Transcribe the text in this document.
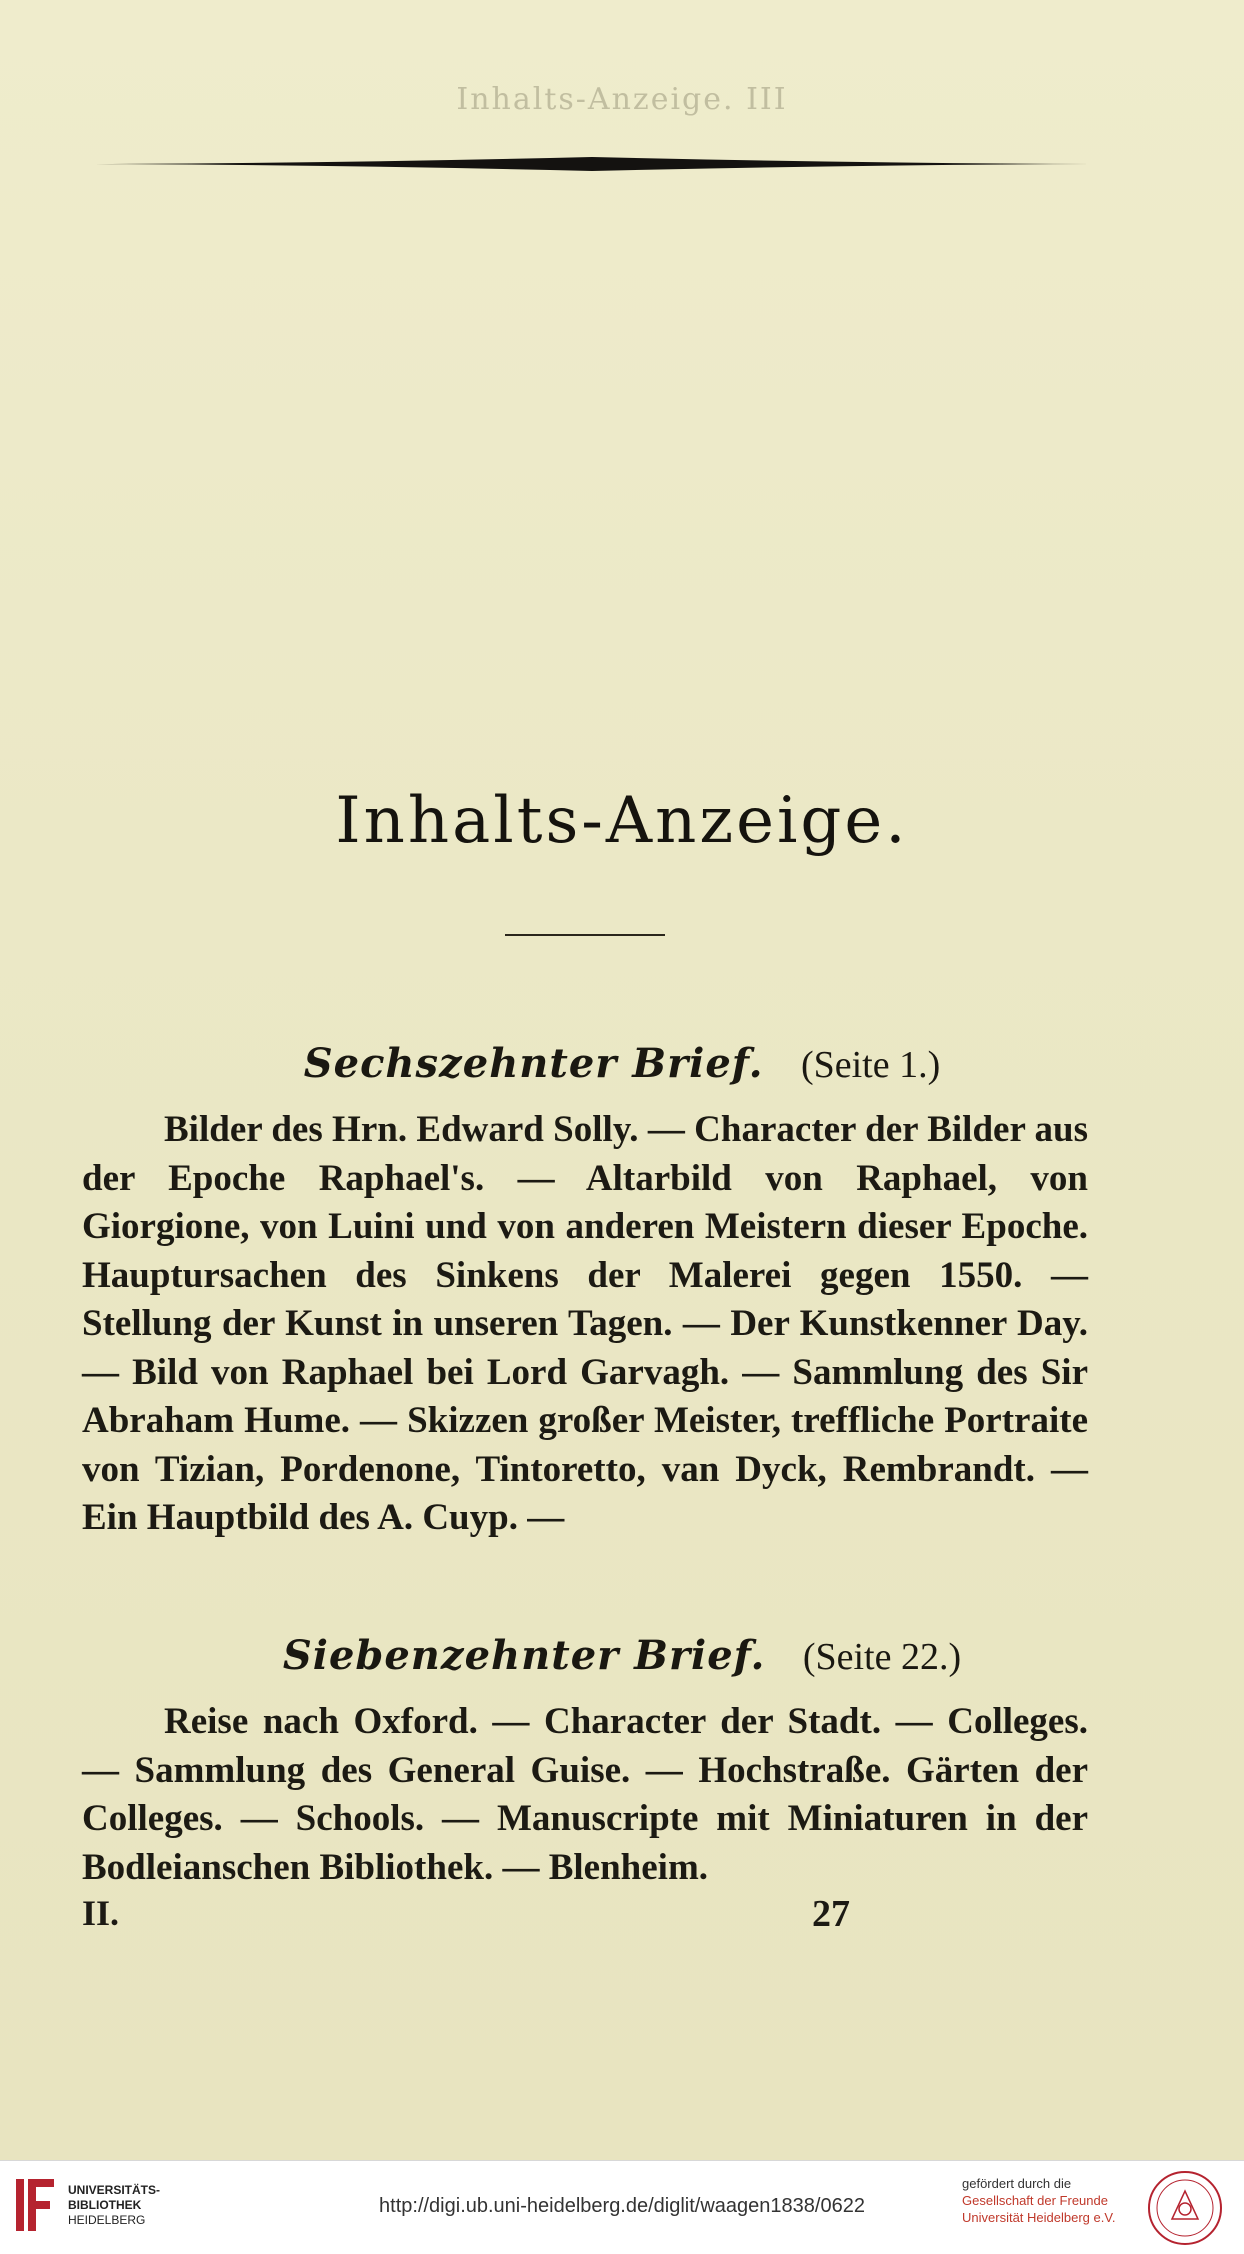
Inhalts-Anzeige. III
Inhalts-Anzeige.
Sechszehnter Brief. (Seite 1.)
Bilder des Hrn. Edward Solly. — Character der Bilder aus der Epoche Raphael's. — Altarbild von Raphael, von Giorgione, von Luini und von anderen Meistern dieser Epoche. Hauptursachen des Sinkens der Malerei gegen 1550. — Stellung der Kunst in unseren Tagen. — Der Kunstkenner Day. — Bild von Raphael bei Lord Garvagh. — Sammlung des Sir Abraham Hume. — Skizzen großer Meister, treffliche Portraite von Tizian, Pordenone, Tintoretto, van Dyck, Rembrandt. — Ein Hauptbild des A. Cuyp. —
Siebenzehnter Brief. (Seite 22.)
Reise nach Oxford. — Character der Stadt. — Colleges. — Sammlung des General Guise. — Hochstraße. Gärten der Colleges. — Schools. — Manuscripte mit Miniaturen in der Bodleianschen Bibliothek. — Blenheim.
II.	27
UNIVERSITÄTS-
BIBLIOTHEK
HEIDELBERG
http://digi.ub.uni-heidelberg.de/diglit/waagen1838/0622
gefördert durch die
Gesellschaft der Freunde
Universität Heidelberg e.V.
